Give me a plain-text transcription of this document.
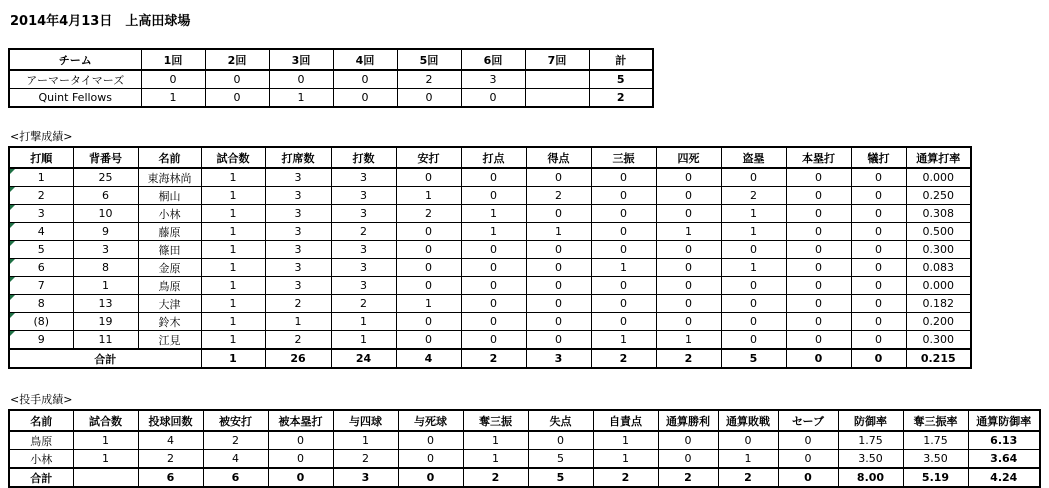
2014年4月13日　上高田球場
チーム	1回	2回	3回	4回	5回	6回	7回	計
アーマータイマーズ	0	0	0	0	2	3		5
Quint Fellows	1	0	1	0	0	0		2
<打撃成績>
打順	背番号	名前	試合数	打席数	打数	安打	打点	得点	三振	四死	盗塁	本塁打	犠打	通算打率
1	25	東海林尚	1	3	3	0	0	0	0	0	0	0	0	0.000
2	6	桐山	1	3	3	1	0	2	0	0	2	0	0	0.250
3	10	小林	1	3	3	2	1	0	0	0	1	0	0	0.308
4	9	藤原	1	3	2	0	1	1	0	1	1	0	0	0.500
5	3	篠田	1	3	3	0	0	0	0	0	0	0	0	0.300
6	8	金原	1	3	3	0	0	0	1	0	1	0	0	0.083
7	1	鳥原	1	3	3	0	0	0	0	0	0	0	0	0.000
8	13	大津	1	2	2	1	0	0	0	0	0	0	0	0.182
(8)	19	鈴木	1	1	1	0	0	0	0	0	0	0	0	0.200
9	11	江見	1	2	1	0	0	0	1	1	0	0	0	0.300
合計			1	26	24	4	2	3	2	2	5	0	0	0.215
<投手成績>
名前	試合数	投球回数	被安打	被本塁打	与四球	与死球	奪三振	失点	自責点	通算勝利	通算敗戦	セーブ	防御率	奪三振率	通算防御率
鳥原	1	4	2	0	1	0	1	0	1	0	0	0	1.75	1.75	6.13
小林	1	2	4	0	2	0	1	5	1	0	1	0	3.50	3.50	3.64
合計		6	6	0	3	0	2	5	2	2	2	0	8.00	5.19	4.24
